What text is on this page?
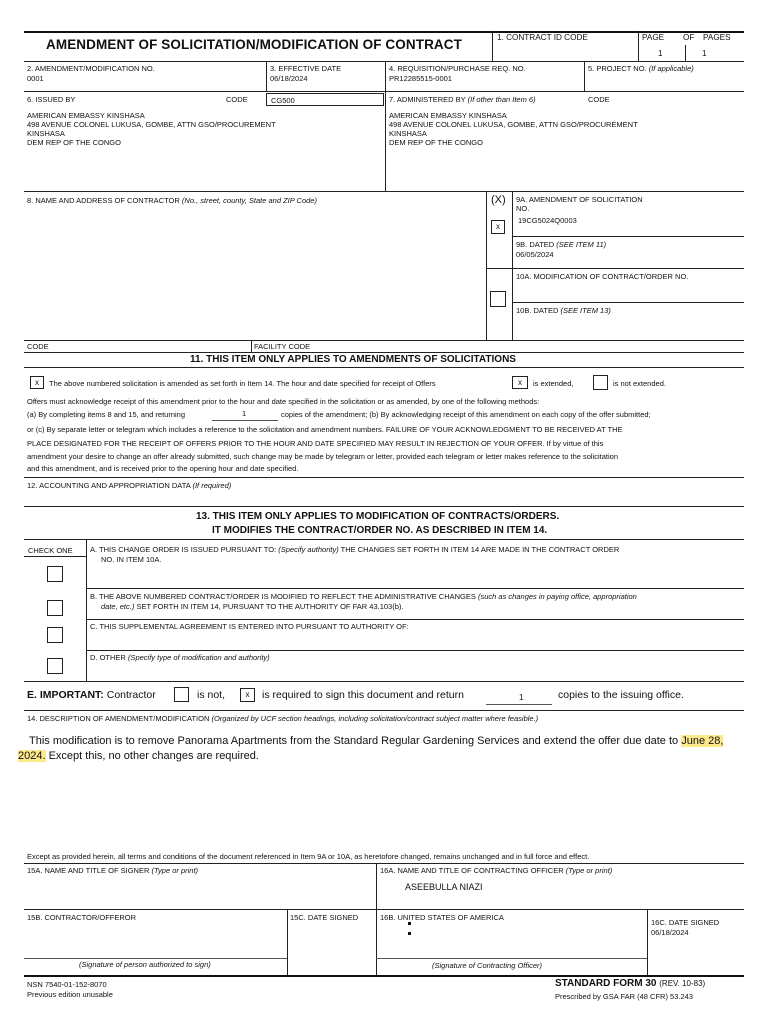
AMENDMENT OF SOLICITATION/MODIFICATION OF CONTRACT	1. CONTRACT ID CODE	PAGE OF PAGES
1	1
2. AMENDMENT/MODIFICATION NO.
0001
3. EFFECTIVE DATE
06/18/2024
4. REQUISITION/PURCHASE REQ. NO.
PR12285515-0001
5. PROJECT NO. (If applicable)
6. ISSUED BY	CODE	CG500
AMERICAN EMBASSY KINSHASA
498 AVENUE COLONEL LUKUSA, GOMBE, ATTN GSO/PROCUREMENT
KINSHASA
DEM REP OF THE CONGO
7. ADMINISTERED BY (If other than Item 6)	CODE
AMERICAN EMBASSY KINSHASA
498 AVENUE COLONEL LUKUSA, GOMBE, ATTN GSO/PROCUREMENT
KINSHASA
DEM REP OF THE CONGO
8. NAME AND ADDRESS OF CONTRACTOR (No., street, county, State and ZIP Code)	(X) 9A. AMENDMENT OF SOLICITATION
NO.
19CG5024Q0003
x
9B. DATED (SEE ITEM 11)
06/05/2024
10A. MODIFICATION OF CONTRACT/ORDER NO.
10B. DATED (SEE ITEM 13)
CODE	FACILITY CODE
11. THIS ITEM ONLY APPLIES TO AMENDMENTS OF SOLICITATIONS
x	The above numbered solicitation is amended as set forth in Item 14. The hour and date specified for receipt of Offers	x	is extended,	is not extended.
Offers must acknowledge receipt of this amendment prior to the hour and date specified in the solicitation or as amended, by one of the following methods:
(a) By completing items 8 and 15, and returning	1	copies of the amendment; (b) By acknowledging receipt of this amendment on each copy of the offer submitted;
or (c) By separate letter or telegram which includes a reference to the solicitation and amendment numbers. FAILURE OF YOUR ACKNOWLEDGMENT TO BE RECEIVED AT THE
PLACE DESIGNATED FOR THE RECEIPT OF OFFERS PRIOR TO THE HOUR AND DATE SPECIFIED MAY RESULT IN REJECTION OF YOUR OFFER. If by virtue of this
amendment your desire to change an offer already submitted, such change may be made by telegram or letter, provided each telegram or letter makes reference to the solicitation
and this amendment, and is received prior to the opening hour and date specified.
12. ACCOUNTING AND APPROPRIATION DATA (If required)
13. THIS ITEM ONLY APPLIES TO MODIFICATION OF CONTRACTS/ORDERS.
IT MODIFIES THE CONTRACT/ORDER NO. AS DESCRIBED IN ITEM 14.
CHECK ONE A. THIS CHANGE ORDER IS ISSUED PURSUANT TO: (Specify authority) THE CHANGES SET FORTH IN ITEM 14 ARE MADE IN THE CONTRACT ORDER
NO. IN ITEM 10A.
B. THE ABOVE NUMBERED CONTRACT/ORDER IS MODIFIED TO REFLECT THE ADMINISTRATIVE CHANGES (such as changes in paying office, appropriation
date, etc.) SET FORTH IN ITEM 14, PURSUANT TO THE AUTHORITY OF FAR 43.103(b).
C. THIS SUPPLEMENTAL AGREEMENT IS ENTERED INTO PURSUANT TO AUTHORITY OF:
D. OTHER (Specify type of modification and authority)
E. IMPORTANT: Contractor	is not,	x	is required to sign this document and return	1	copies to the issuing office.
14. DESCRIPTION OF AMENDMENT/MODIFICATION (Organized by UCF section headings, including solicitation/contract subject matter where feasible.)
This modification is to remove Panorama Apartments from the Standard Regular Gardening Services and extend the offer due date to June 28,
2024. Except this, no other changes are required.
Except as provided herein, all terms and conditions of the document referenced in Item 9A or 10A, as heretofore changed, remains unchanged and in full force and effect.
15A. NAME AND TITLE OF SIGNER (Type or print)	16A. NAME AND TITLE OF CONTRACTING OFFICER (Type or print)
ASEEBULLA NIAZI
15B. CONTRACTOR/OFFEROR	15C. DATE SIGNED	16B. UNITED STATES OF AMERICA
16C. DATE SIGNED
06/18/2024
(Signature of person authorized to sign)	(Signature of Contracting Officer)
NSN 7540-01-152-8070
Previous edition unusable
STANDARD FORM 30 (REV. 10-83)
Prescribed by GSA FAR (48 CFR) 53.243
